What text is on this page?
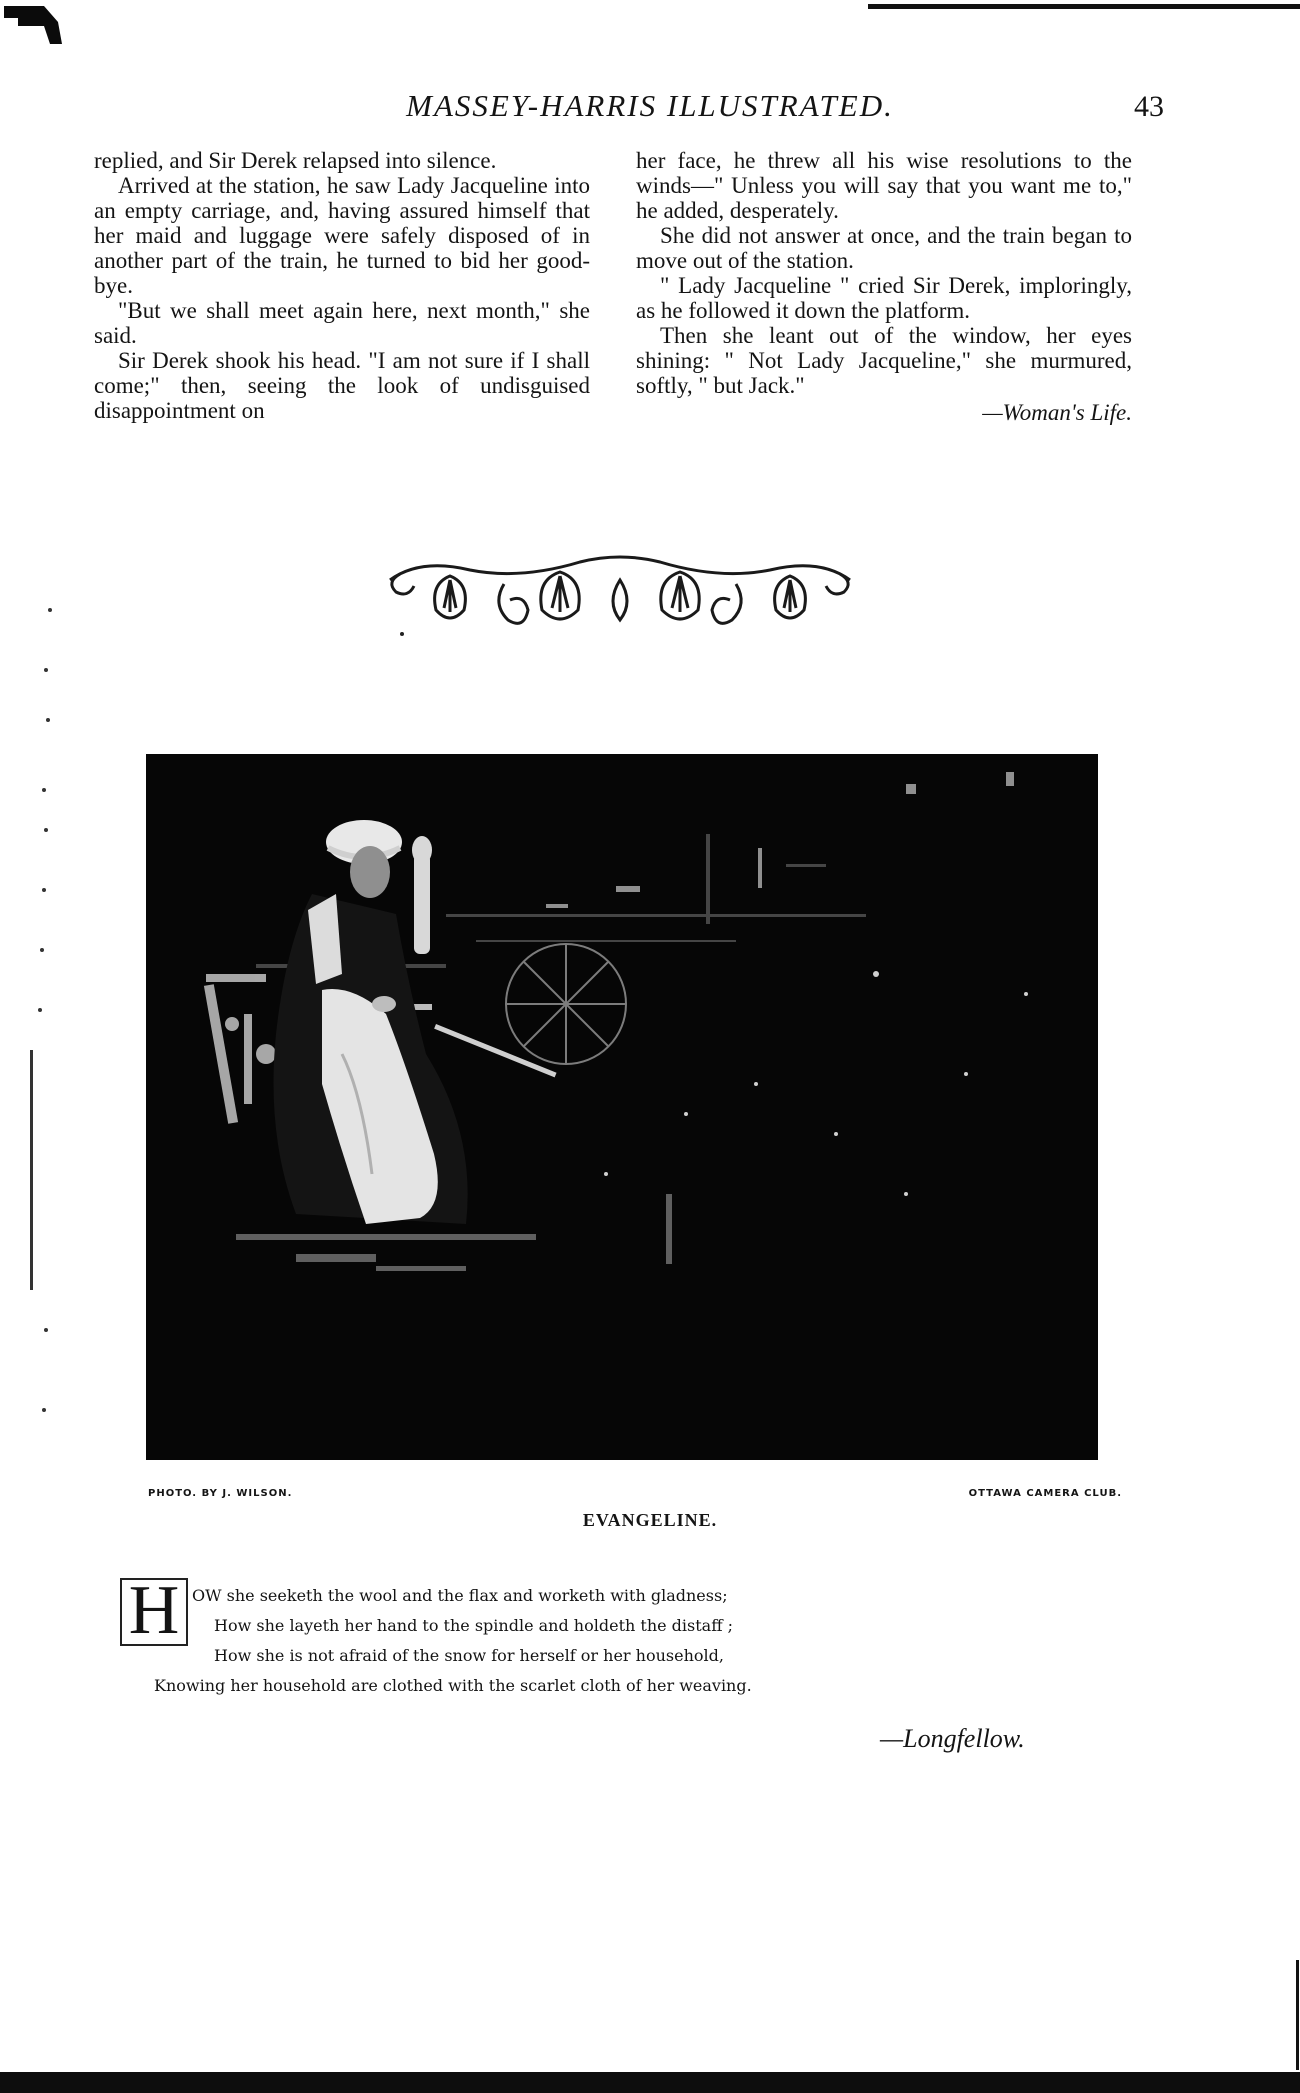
MASSEY-HARRIS ILLUSTRATED.	43

replied, and Sir Derek relapsed into silence.

Arrived at the station, he saw Lady Jacqueline into an empty carriage, and, having assured himself that her maid and luggage were safely disposed of in another part of the train, he turned to bid her good-bye.

"But we shall meet again here, next month," she said.

Sir Derek shook his head. "I am not sure if I shall come;" then, seeing the look of undisguised disappointment on

her face, he threw all his wise resolutions to the winds—" Unless you will say that you want me to," he added, desperately.

She did not answer at once, and the train began to move out of the station.

" Lady Jacqueline " cried Sir Derek, imploringly, as he followed it down the platform.

Then she leant out of the window, her eyes shining: " Not Lady Jacqueline," she murmured, softly, " but Jack."

—Woman's Life.
PHOTO. BY J. WILSON.	OTTAWA CAMERA CLUB.
EVANGELINE.
H OW she seeketh the wool and the flax and worketh with gladness;
How she layeth her hand to the spindle and holdeth the distaff ;
How she is not afraid of the snow for herself or her household,
Knowing her household are clothed with the scarlet cloth of her weaving.
—Longfellow.
